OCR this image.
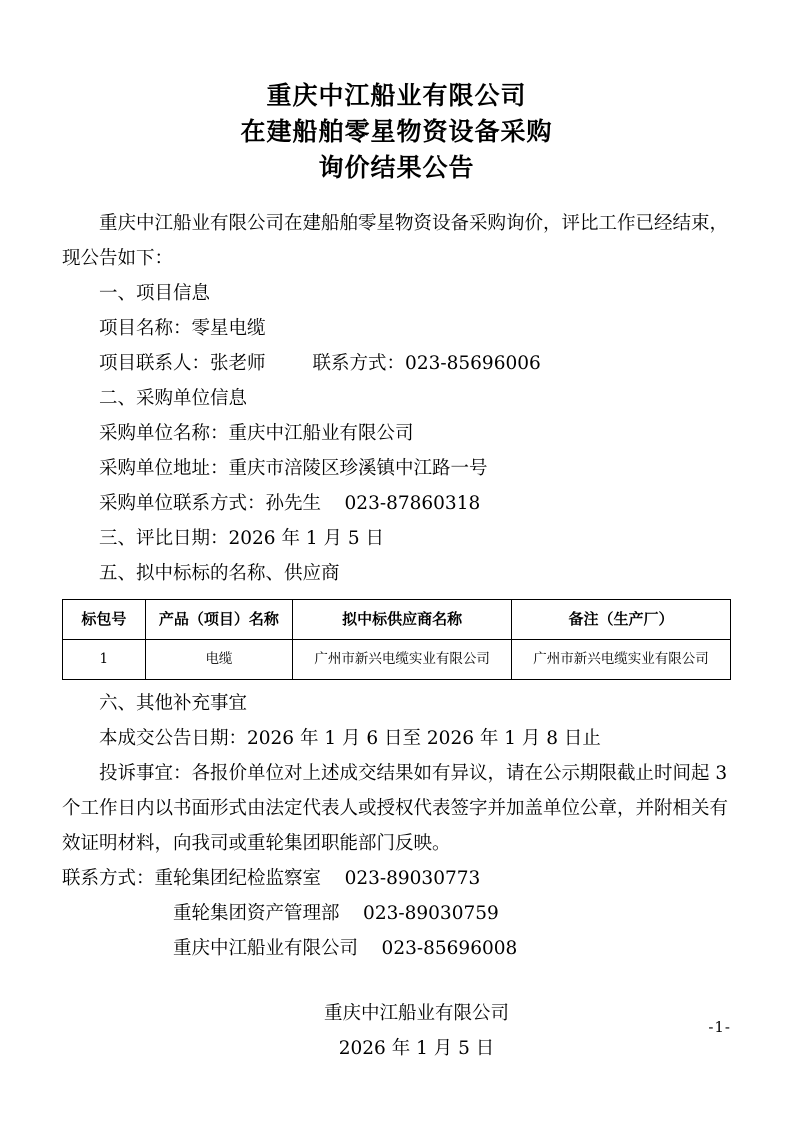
重庆中江船业有限公司
在建船舶零星物资设备采购
询价结果公告

重庆中江船业有限公司在建船舶零星物资设备采购询价，评比工作已经结束，现公告如下：

一、项目信息

项目名称：零星电缆

项目联系人：张老师        联系方式：023-85696006

二、采购单位信息

采购单位名称：重庆中江船业有限公司

采购单位地址：重庆市涪陵区珍溪镇中江路一号

采购单位联系方式：孙先生    023-87860318

三、评比日期：2026 年 1 月 5 日

五、拟中标标的名称、供应商

标包号	产品（项目）名称	拟中标供应商名称	备注（生产厂）
1	电缆	广州市新兴电缆实业有限公司	广州市新兴电缆实业有限公司

六、其他补充事宜

本成交公告日期：2026 年 1 月 6 日至 2026 年 1 月 8 日止

投诉事宜：各报价单位对上述成交结果如有异议，请在公示期限截止时间起 3 个工作日内以书面形式由法定代表人或授权代表签字并加盖单位公章，并附相关有效证明材料，向我司或重轮集团职能部门反映。

联系方式：重轮集团纪检监察室 023-89030773

重轮集团资产管理部 023-89030759

重庆中江船业有限公司 023-85696008

重庆中江船业有限公司
2026 年 1 月 5 日
-1-
